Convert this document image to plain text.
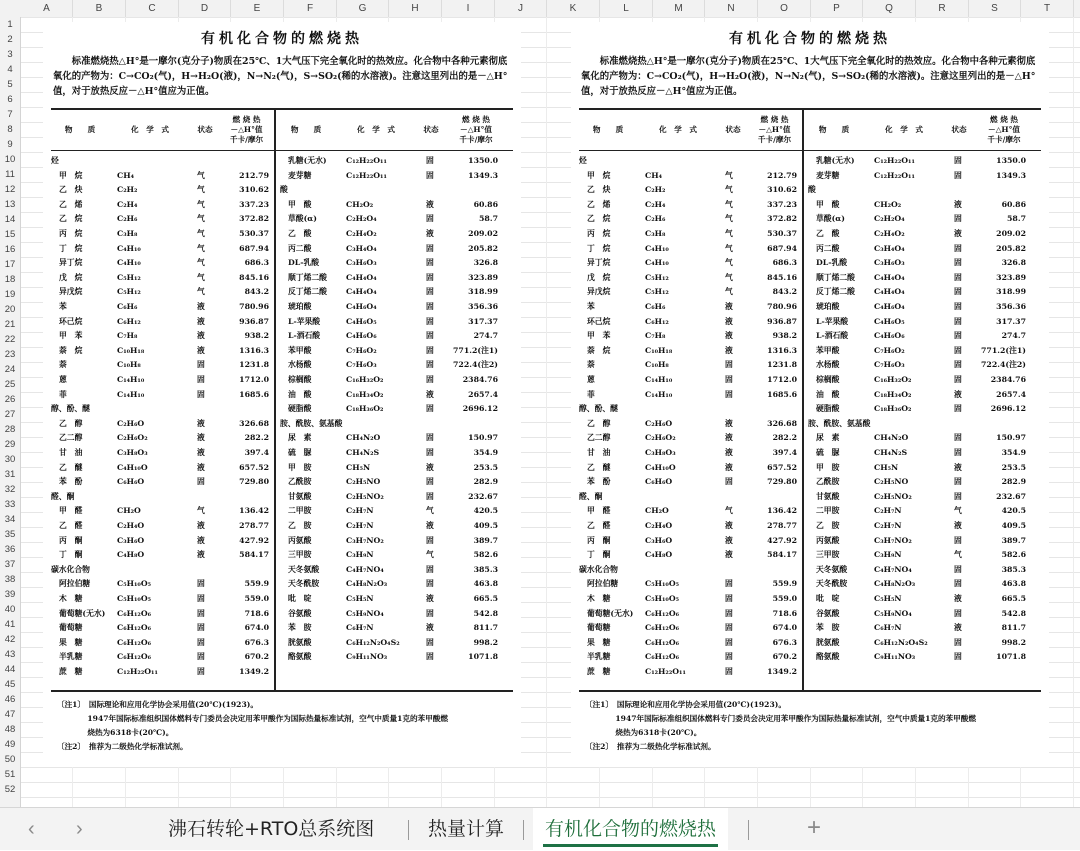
A	B	C	D	E	F	G	H	I	J	K	L	M	N	O	P	Q	R	S	T
1
2
3
4
5
6
7
8
9
10
11
12
13
14
15
16
17
18
19
20
21
22
23
24
25
26
27
28
29
30
31
32
33
34
35
36
37
38
39
40
41
42
43
44
45
46
47
48
49
50
51
52
有机化合物的燃烧热

标准燃烧热△H°是一摩尔(克分子)物质在25℃、1大气压下完全氧化时的热效应。化合物中各种元素彻底氧化的产物为：C→CO₂(气)，H→H₂O(液)，N→N₂(气)，S→SO₂(稀的水溶液)。注意这里列出的是－△H°值，对于放热反应－△H°值应为正值。

物　　质	化　学　式	状态
燃 烧 热
－△H°值
千卡/摩尔
物　　质	化　学　式	状态
燃 烧 热
－△H°值
千卡/摩尔
烃
甲　烷	CH₄	气	212.79
乙　炔	C₂H₂	气	310.62
乙　烯	C₂H₄	气	337.23
乙　烷	C₂H₆	气	372.82
丙　烷	C₃H₈	气	530.37
丁　烷	C₄H₁₀	气	687.94
异丁烷	C₄H₁₀	气	686.3
戊　烷	C₅H₁₂	气	845.16
异戊烷	C₅H₁₂	气	843.2
苯	C₆H₆	液	780.96
环己烷	C₆H₁₂	液	936.87
甲　苯	C₇H₈	液	938.2
萘　烷	C₁₀H₁₈	液	1316.3
萘	C₁₀H₈	固	1231.8
蒽	C₁₄H₁₀	固	1712.0
菲	C₁₄H₁₀	固	1685.6
醇、酚、醚
乙　醇	C₂H₆O	液	326.68
乙二醇	C₂H₆O₂	液	282.2
甘　油	C₃H₈O₃	液	397.4
乙　醚	C₄H₁₀O	液	657.52
苯　酚	C₆H₆O	固	729.80
醛、酮
甲　醛	CH₂O	气	136.42
乙　醛	C₂H₄O	液	278.77
丙　酮	C₃H₆O	液	427.92
丁　酮	C₄H₈O	液	584.17
碳水化合物
阿拉伯糖	C₅H₁₀O₅	固	559.9
木　糖	C₅H₁₀O₅	固	559.0
葡萄糖(无水) C₆H₁₂O₆	固	718.6
葡萄糖	C₆H₁₂O₆	固	674.0
果　糖	C₆H₁₂O₆	固	676.3
半乳糖	C₆H₁₂O₆	固	670.2
蔗　糖	C₁₂H₂₂O₁₁	固	1349.2
乳糖(无水) C₁₂H₂₂O₁₁	固	1350.0
麦芽糖	C₁₂H₂₂O₁₁	固	1349.3
酸
甲　酸	CH₂O₂	液	60.86
草酸(α)	C₂H₂O₄	固	58.7
乙　酸	C₂H₄O₂	液	209.02
丙二酸	C₃H₄O₄	固	205.82
DL-乳酸	C₃H₆O₃	固	326.8
顺丁烯二酸 C₄H₄O₄	固	323.89
反丁烯二酸 C₄H₄O₄	固	318.99
琥珀酸	C₄H₆O₄	固	356.36
L-苹果酸	C₄H₆O₅	固	317.37
L-酒石酸	C₄H₆O₆	固	274.7
苯甲酸	C₇H₆O₂	固 771.2(注1)
水杨酸	C₇H₆O₃	固 722.4(注2)
棕榈酸	C₁₆H₃₂O₂	固	2384.76
油　酸	C₁₈H₃₄O₂	液	2657.4
硬脂酸	C₁₈H₃₆O₂	固	2696.12
胺、酰胺、氨基酸
尿　素	CH₄N₂O	固	150.97
硫　脲	CH₄N₂S	固	354.9
甲　胺	CH₅N	液	253.5
乙酰胺	C₂H₅NO	固	282.9
甘氨酸	C₂H₅NO₂	固	232.67
二甲胺	C₂H₇N	气	420.5
乙　胺	C₂H₇N	液	409.5
丙氨酸	C₃H₇NO₂	固	389.7
三甲胺	C₃H₉N	气	582.6
天冬氨酸	C₄H₇NO₄	固	385.3
天冬酰胺	C₄H₈N₂O₃	固	463.8
吡　啶	C₅H₅N	液	665.5
谷氨酸	C₅H₉NO₄	固	542.8
苯　胺	C₆H₇N	液	811.7
胱氨酸	C₆H₁₂N₂O₄S₂	固	998.2
酪氨酸	C₉H₁₁NO₃	固	1071.8
〔注1〕　国际理论和应用化学协会采用值(20℃)(1923)。
　　　　1947年国际标准组织国体燃料专门委员会决定用苯甲酸作为国际热量标准试剂，空气中质量1克的苯甲酸燃
　　　　烧热为6318卡(20℃)。
〔注2〕　推荐为二级热化学标准试剂。
有机化合物的燃烧热

标准燃烧热△H°是一摩尔(克分子)物质在25℃、1大气压下完全氧化时的热效应。化合物中各种元素彻底氧化的产物为：C→CO₂(气)，H→H₂O(液)，N→N₂(气)，S→SO₂(稀的水溶液)。注意这里列出的是－△H°值，对于放热反应－△H°值应为正值。

物　　质	化　学　式	状态
燃 烧 热
－△H°值
千卡/摩尔
物　　质	化　学　式	状态
燃 烧 热
－△H°值
千卡/摩尔
烃
甲　烷	CH₄	气	212.79
乙　炔	C₂H₂	气	310.62
乙　烯	C₂H₄	气	337.23
乙　烷	C₂H₆	气	372.82
丙　烷	C₃H₈	气	530.37
丁　烷	C₄H₁₀	气	687.94
异丁烷	C₄H₁₀	气	686.3
戊　烷	C₅H₁₂	气	845.16
异戊烷	C₅H₁₂	气	843.2
苯	C₆H₆	液	780.96
环己烷	C₆H₁₂	液	936.87
甲　苯	C₇H₈	液	938.2
萘　烷	C₁₀H₁₈	液	1316.3
萘	C₁₀H₈	固	1231.8
蒽	C₁₄H₁₀	固	1712.0
菲	C₁₄H₁₀	固	1685.6
醇、酚、醚
乙　醇	C₂H₆O	液	326.68
乙二醇	C₂H₆O₂	液	282.2
甘　油	C₃H₈O₃	液	397.4
乙　醚	C₄H₁₀O	液	657.52
苯　酚	C₆H₆O	固	729.80
醛、酮
甲　醛	CH₂O	气	136.42
乙　醛	C₂H₄O	液	278.77
丙　酮	C₃H₆O	液	427.92
丁　酮	C₄H₈O	液	584.17
碳水化合物
阿拉伯糖	C₅H₁₀O₅	固	559.9
木　糖	C₅H₁₀O₅	固	559.0
葡萄糖(无水) C₆H₁₂O₆	固	718.6
葡萄糖	C₆H₁₂O₆	固	674.0
果　糖	C₆H₁₂O₆	固	676.3
半乳糖	C₆H₁₂O₆	固	670.2
蔗　糖	C₁₂H₂₂O₁₁	固	1349.2
乳糖(无水) C₁₂H₂₂O₁₁	固	1350.0
麦芽糖	C₁₂H₂₂O₁₁	固	1349.3
酸
甲　酸	CH₂O₂	液	60.86
草酸(α)	C₂H₂O₄	固	58.7
乙　酸	C₂H₄O₂	液	209.02
丙二酸	C₃H₄O₄	固	205.82
DL-乳酸	C₃H₆O₃	固	326.8
顺丁烯二酸 C₄H₄O₄	固	323.89
反丁烯二酸 C₄H₄O₄	固	318.99
琥珀酸	C₄H₆O₄	固	356.36
L-苹果酸	C₄H₆O₅	固	317.37
L-酒石酸	C₄H₆O₆	固	274.7
苯甲酸	C₇H₆O₂	固 771.2(注1)
水杨酸	C₇H₆O₃	固 722.4(注2)
棕榈酸	C₁₆H₃₂O₂	固	2384.76
油　酸	C₁₈H₃₄O₂	液	2657.4
硬脂酸	C₁₈H₃₆O₂	固	2696.12
胺、酰胺、氨基酸
尿　素	CH₄N₂O	固	150.97
硫　脲	CH₄N₂S	固	354.9
甲　胺	CH₅N	液	253.5
乙酰胺	C₂H₅NO	固	282.9
甘氨酸	C₂H₅NO₂	固	232.67
二甲胺	C₂H₇N	气	420.5
乙　胺	C₂H₇N	液	409.5
丙氨酸	C₃H₇NO₂	固	389.7
三甲胺	C₃H₉N	气	582.6
天冬氨酸	C₄H₇NO₄	固	385.3
天冬酰胺	C₄H₈N₂O₃	固	463.8
吡　啶	C₅H₅N	液	665.5
谷氨酸	C₅H₉NO₄	固	542.8
苯　胺	C₆H₇N	液	811.7
胱氨酸	C₆H₁₂N₂O₄S₂	固	998.2
酪氨酸	C₉H₁₁NO₃	固	1071.8
〔注1〕　国际理论和应用化学协会采用值(20℃)(1923)。
　　　　1947年国际标准组织国体燃料专门委员会决定用苯甲酸作为国际热量标准试剂，空气中质量1克的苯甲酸燃
　　　　烧热为6318卡(20℃)。
〔注2〕　推荐为二级热化学标准试剂。
‹ ›	沸石转轮+RTO总系统图	热量计算	有机化合物的燃烧热	+
